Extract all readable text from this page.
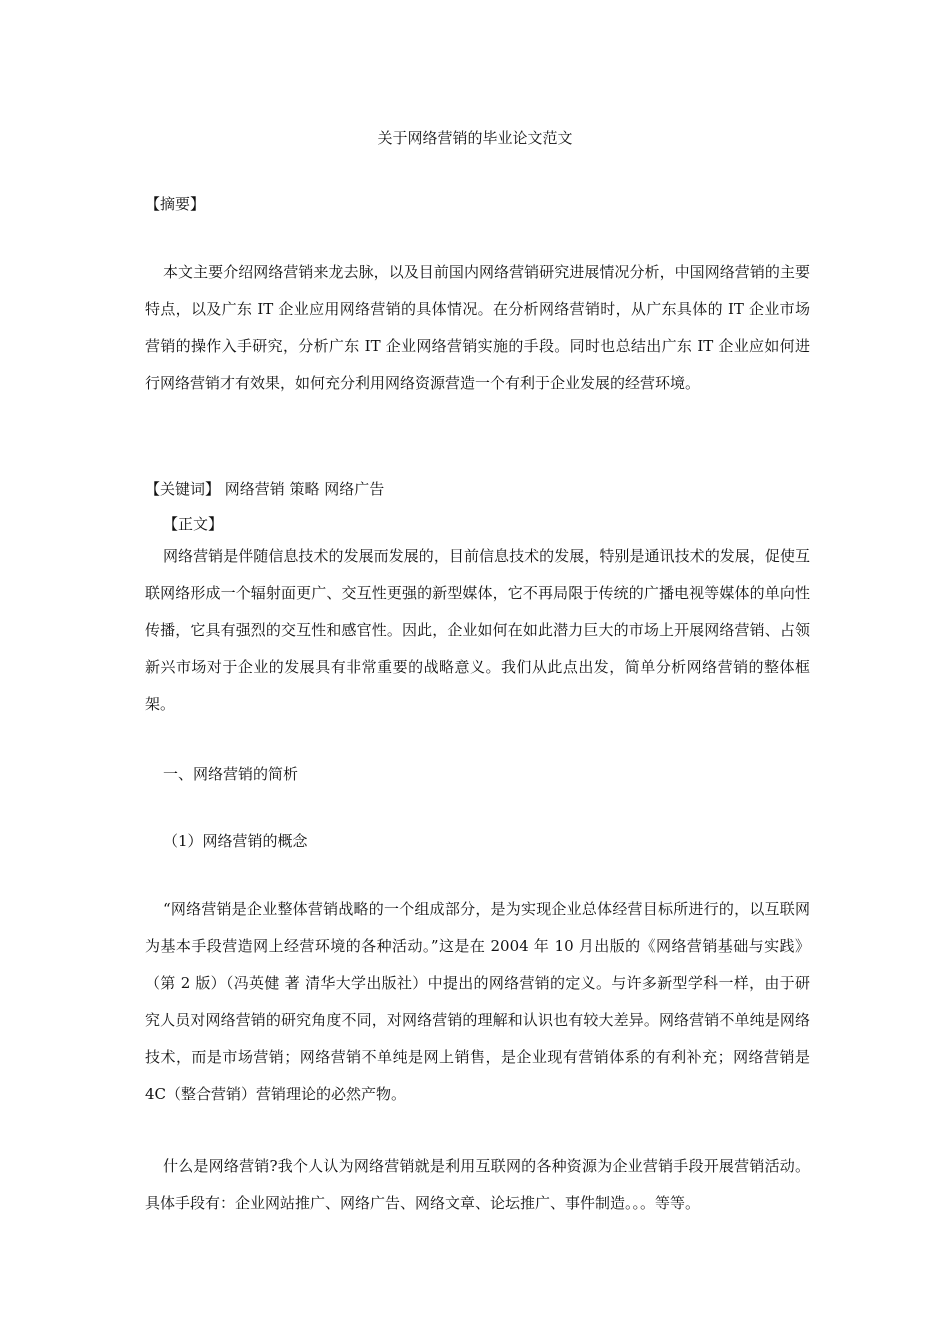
关于网络营销的毕业论文范文
【摘要】

本文主要介绍网络营销来龙去脉，以及目前国内网络营销研究进展情况分析，中国网络营销的主要特点，以及广东 IT 企业应用网络营销的具体情况。在分析网络营销时，从广东具体的 IT 企业市场营销的操作入手研究，分析广东 IT 企业网络营销实施的手段。同时也总结出广东 IT 企业应如何进行网络营销才有效果，如何充分利用网络资源营造一个有利于企业发展的经营环境。

【关键词】 网络营销 策略 网络广告
【正文】

网络营销是伴随信息技术的发展而发展的，目前信息技术的发展，特别是通讯技术的发展，促使互联网络形成一个辐射面更广、交互性更强的新型媒体，它不再局限于传统的广播电视等媒体的单向性传播，它具有强烈的交互性和感官性。因此，企业如何在如此潜力巨大的市场上开展网络营销、占领新兴市场对于企业的发展具有非常重要的战略意义。我们从此点出发，简单分析网络营销的整体框架。

一、网络营销的简析
（1）网络营销的概念

“网络营销是企业整体营销战略的一个组成部分，是为实现企业总体经营目标所进行的，以互联网为基本手段营造网上经营环境的各种活动。”这是在 2004 年 10 月出版的《网络营销基础与实践》（第 2 版）（冯英健 著 清华大学出版社）中提出的网络营销的定义。与许多新型学科一样，由于研究人员对网络营销的研究角度不同，对网络营销的理解和认识也有较大差异。网络营销不单纯是网络技术，而是市场营销；网络营销不单纯是网上销售，是企业现有营销体系的有利补充；网络营销是 4C（整合营销）营销理论的必然产物。

什么是网络营销?我个人认为网络营销就是利用互联网的各种资源为企业营销手段开展营销活动。具体手段有：企业网站推广、网络广告、网络文章、论坛推广、事件制造。。。等等。
